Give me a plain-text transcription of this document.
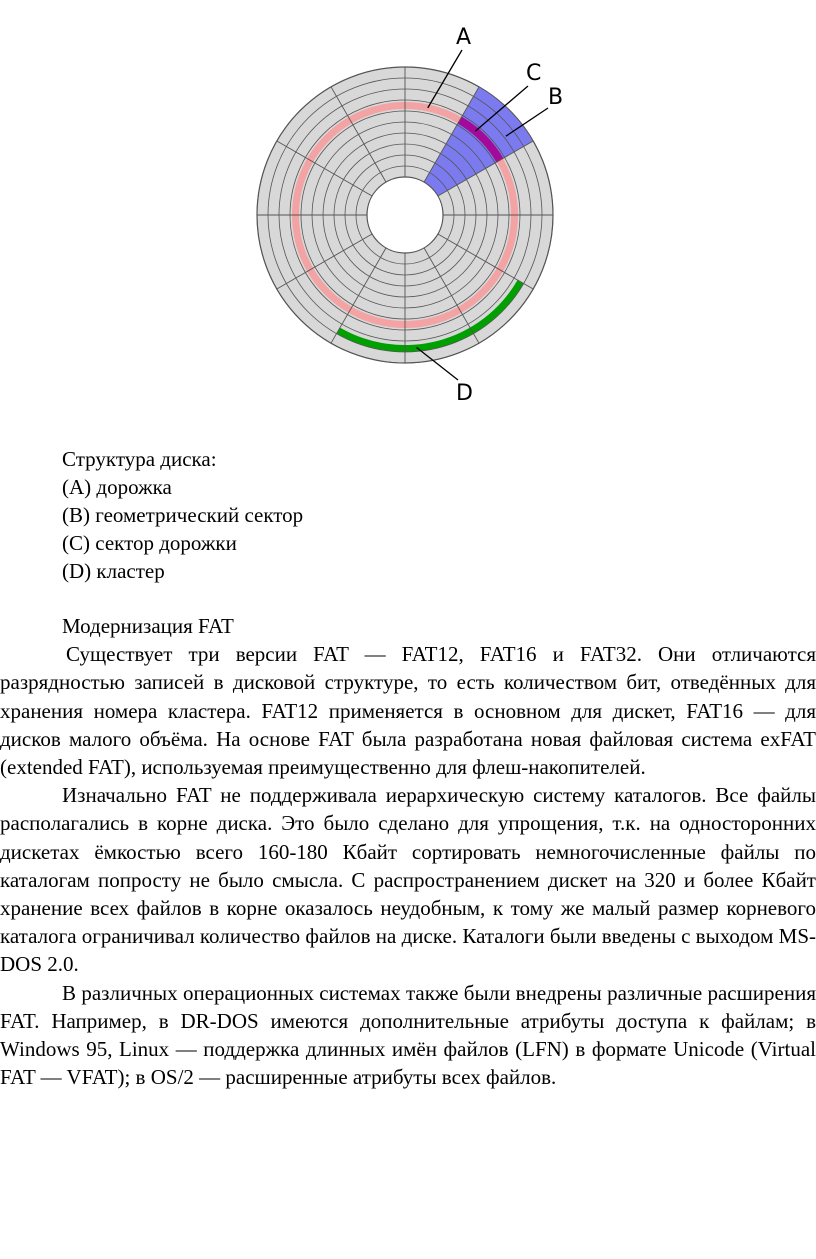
A
C
B
D
Структура диска:
(A) дорожка
(B) геометрический сектор
(C) сектор дорожки
(D) кластер
Модернизация FAT

Существует три версии FAT — FAT12, FAT16 и FAT32. Они отличаются разрядностью записей в дисковой структуре, то есть количеством бит, отведённых для хранения номера кластера. FAT12 применяется в основном для дискет, FAT16 — для дисков малого объёма. На основе FAT была разработана новая файловая система exFAT (extended FAT), используемая преимущественно для флеш-накопителей.

Изначально FAT не поддерживала иерархическую систему каталогов. Все файлы располагались в корне диска. Это было сделано для упрощения, т.к. на односторонних дискетах ёмкостью всего 160-180 Кбайт сортировать немногочисленные файлы по каталогам попросту не было смысла. С распространением дискет на 320 и более Кбайт хранение всех файлов в корне оказалось неудобным, к тому же малый размер корневого каталога ограничивал количество файлов на диске. Каталоги были введены с выходом MS-DOS 2.0.

В различных операционных системах также были внедрены различные расширения FAT. Например, в DR-DOS имеются дополнительные атрибуты доступа к файлам; в Windows 95, Linux — поддержка длинных имён файлов (LFN) в формате Unicode (Virtual FAT — VFAT); в OS/2 — расширенные атрибуты всех файлов.
